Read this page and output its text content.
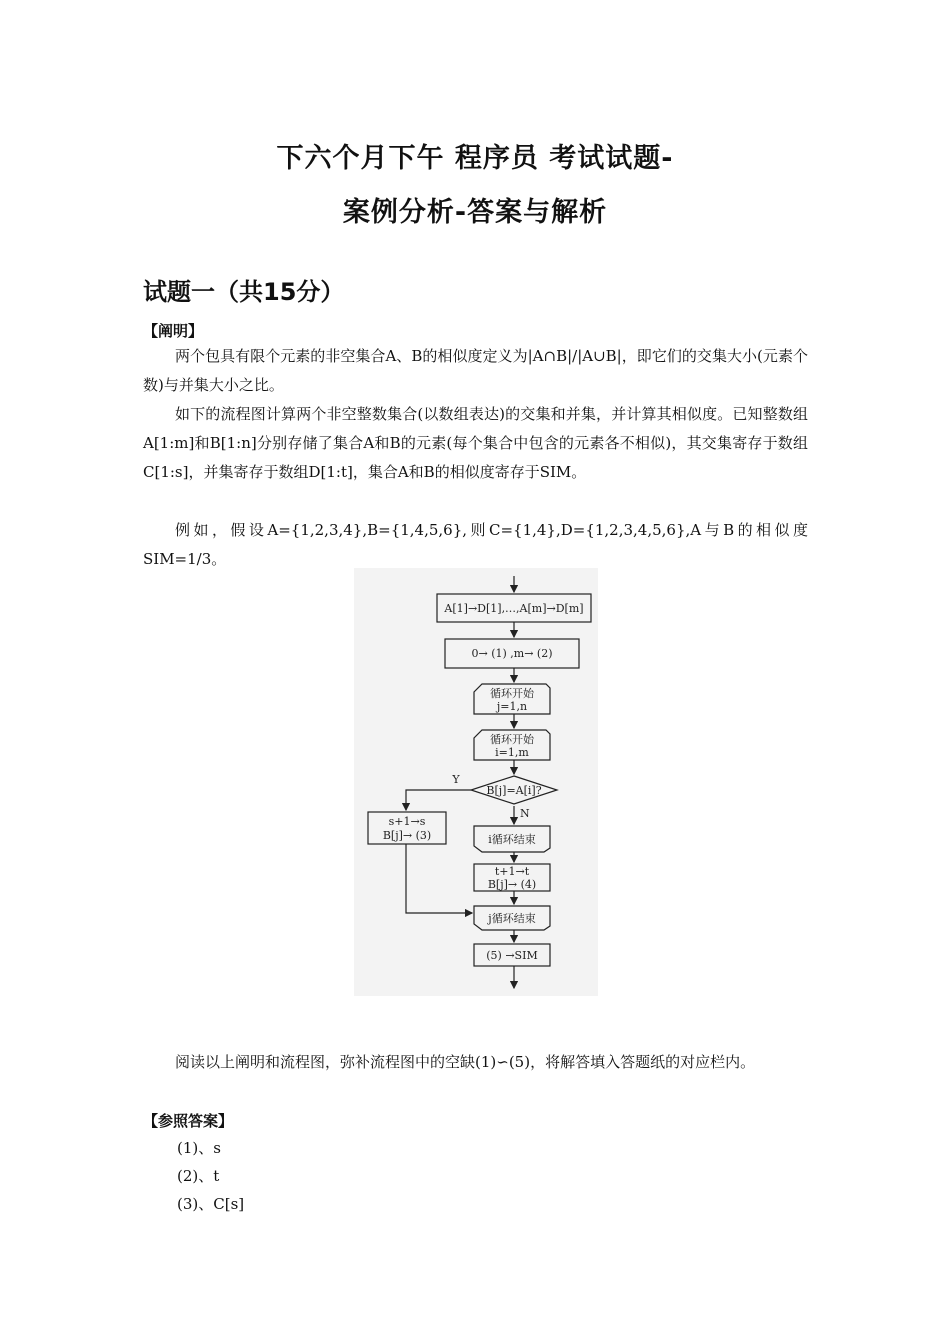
下六个月下午 程序员 考试试题-
案例分析-答案与解析
试题一（共15分）
【阐明】

两个包具有限个元素的非空集合A、B的相似度定义为|A∩B|/|A∪B|，即它们的交集大小(元素个数)与并集大小之比。

如下的流程图计算两个非空整数集合(以数组表达)的交集和并集，并计算其相似度。已知整数组A[1:m]和B[1:n]分别存储了集合A和B的元素(每个集合中包含的元素各不相似)，其交集寄存于数组C[1:s]，并集寄存于数组D[1:t]，集合A和B的相似度寄存于SIM。

例如，假设A={1,2,3,4},B={1,4,5,6},则C={1,4},D={1,2,3,4,5,6},A与B的相似度SIM=1/3。

A[1]→D[1],…,A[m]→D[m]
0→ (1) ,m→ (2)
循环开始
j=1,n
循环开始
i=1,m
B[j]=A[i]?
Y
N
s+1→s
B[j]→ (3)	i循环结束
t+1→t
B[j]→ (4)
j循环结束
(5) →SIM

阅读以上阐明和流程图，弥补流程图中的空缺(1)∽(5)，将解答填入答题纸的对应栏内。

【参照答案】
(1)、s
(2)、t
(3)、C[s]
